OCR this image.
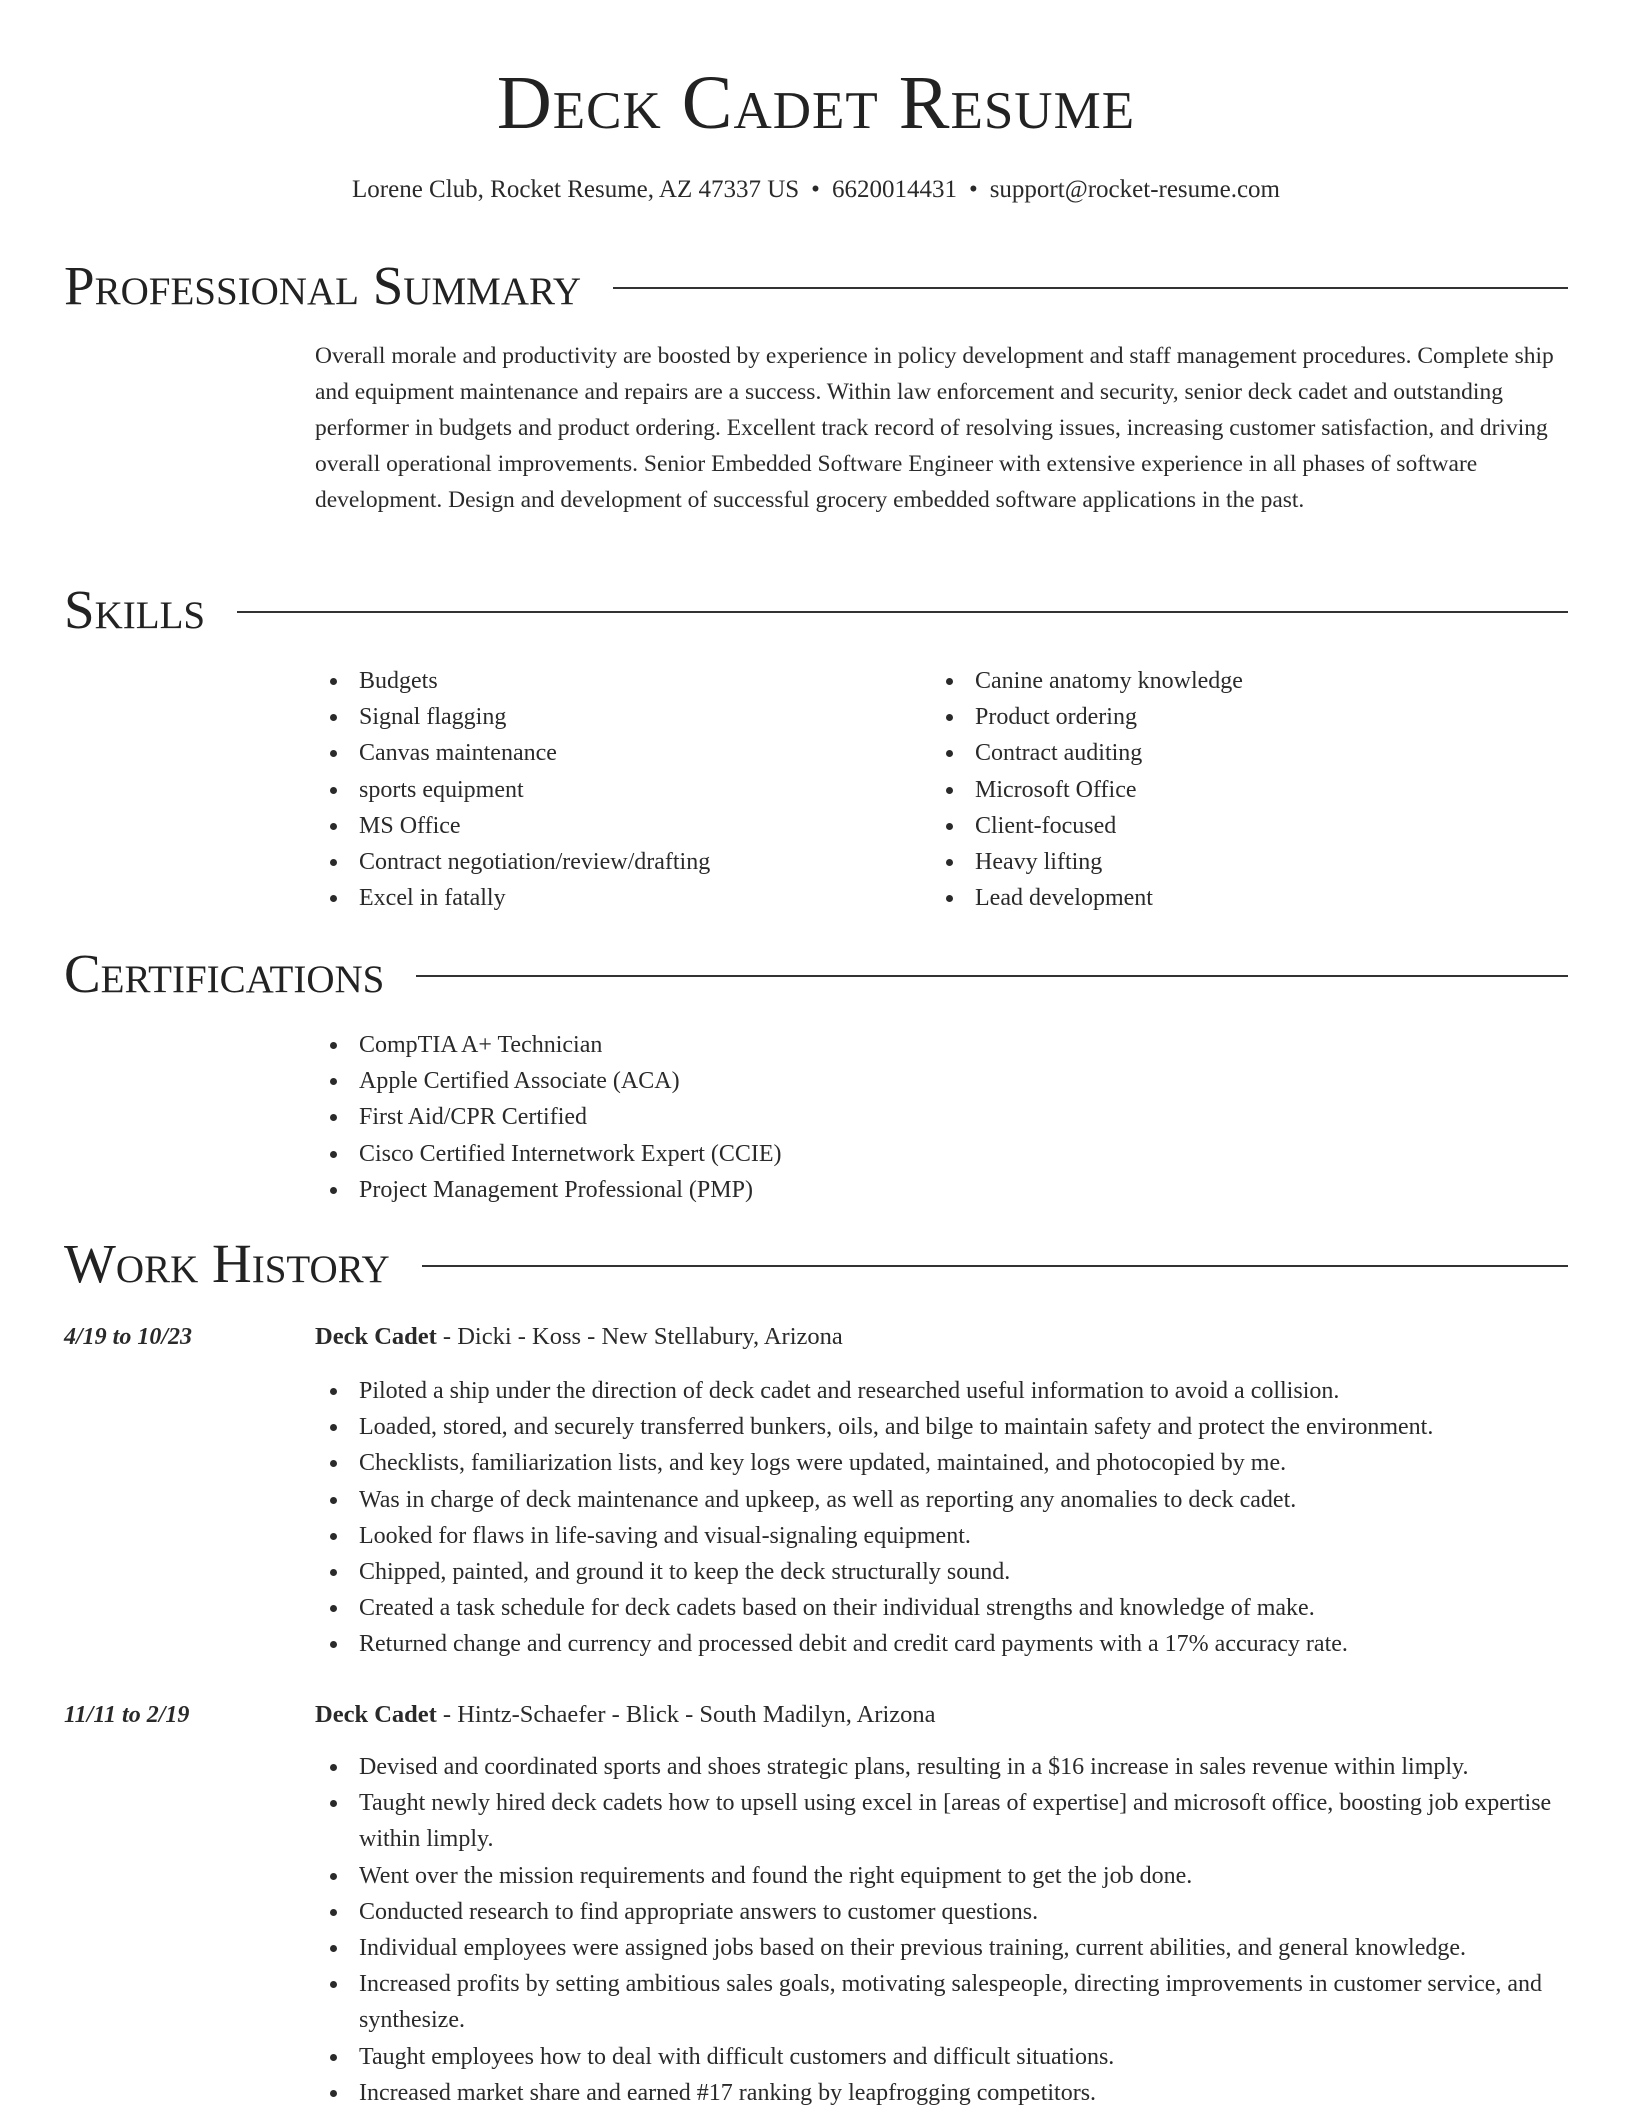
Deck Cadet Resume
Lorene Club, Rocket Resume, AZ 47337 US • 6620014431 • support@rocket-resume.com
Professional Summary
Overall morale and productivity are boosted by experience in policy development and staff management procedures. Complete ship and equipment maintenance and repairs are a success. Within law enforcement and security, senior deck cadet and outstanding performer in budgets and product ordering. Excellent track record of resolving issues, increasing customer satisfaction, and driving overall operational improvements. Senior Embedded Software Engineer with extensive experience in all phases of software development. Design and development of successful grocery embedded software applications in the past.
Skills
Budgets
Signal flagging
Canvas maintenance
sports equipment
MS Office
Contract negotiation/review/drafting
Excel in fatally
Canine anatomy knowledge
Product ordering
Contract auditing
Microsoft Office
Client-focused
Heavy lifting
Lead development
Certifications
CompTIA A+ Technician
Apple Certified Associate (ACA)
First Aid/CPR Certified
Cisco Certified Internetwork Expert (CCIE)
Project Management Professional (PMP)
Work History
4/19 to 10/23	Deck Cadet - Dicki - Koss - New Stellabury, Arizona
Piloted a ship under the direction of deck cadet and researched useful information to avoid a collision.
Loaded, stored, and securely transferred bunkers, oils, and bilge to maintain safety and protect the environment.
Checklists, familiarization lists, and key logs were updated, maintained, and photocopied by me.
Was in charge of deck maintenance and upkeep, as well as reporting any anomalies to deck cadet.
Looked for flaws in life-saving and visual-signaling equipment.
Chipped, painted, and ground it to keep the deck structurally sound.
Created a task schedule for deck cadets based on their individual strengths and knowledge of make.
Returned change and currency and processed debit and credit card payments with a 17% accuracy rate.
11/11 to 2/19	Deck Cadet - Hintz-Schaefer - Blick - South Madilyn, Arizona
Devised and coordinated sports and shoes strategic plans, resulting in a $16 increase in sales revenue within limply.
Taught newly hired deck cadets how to upsell using excel in [areas of expertise] and microsoft office, boosting job expertise within limply.
Went over the mission requirements and found the right equipment to get the job done.
Conducted research to find appropriate answers to customer questions.
Individual employees were assigned jobs based on their previous training, current abilities, and general knowledge.
Increased profits by setting ambitious sales goals, motivating salespeople, directing improvements in customer service, and synthesize.
Taught employees how to deal with difficult customers and difficult situations.
Increased market share and earned #17 ranking by leapfrogging competitors.
